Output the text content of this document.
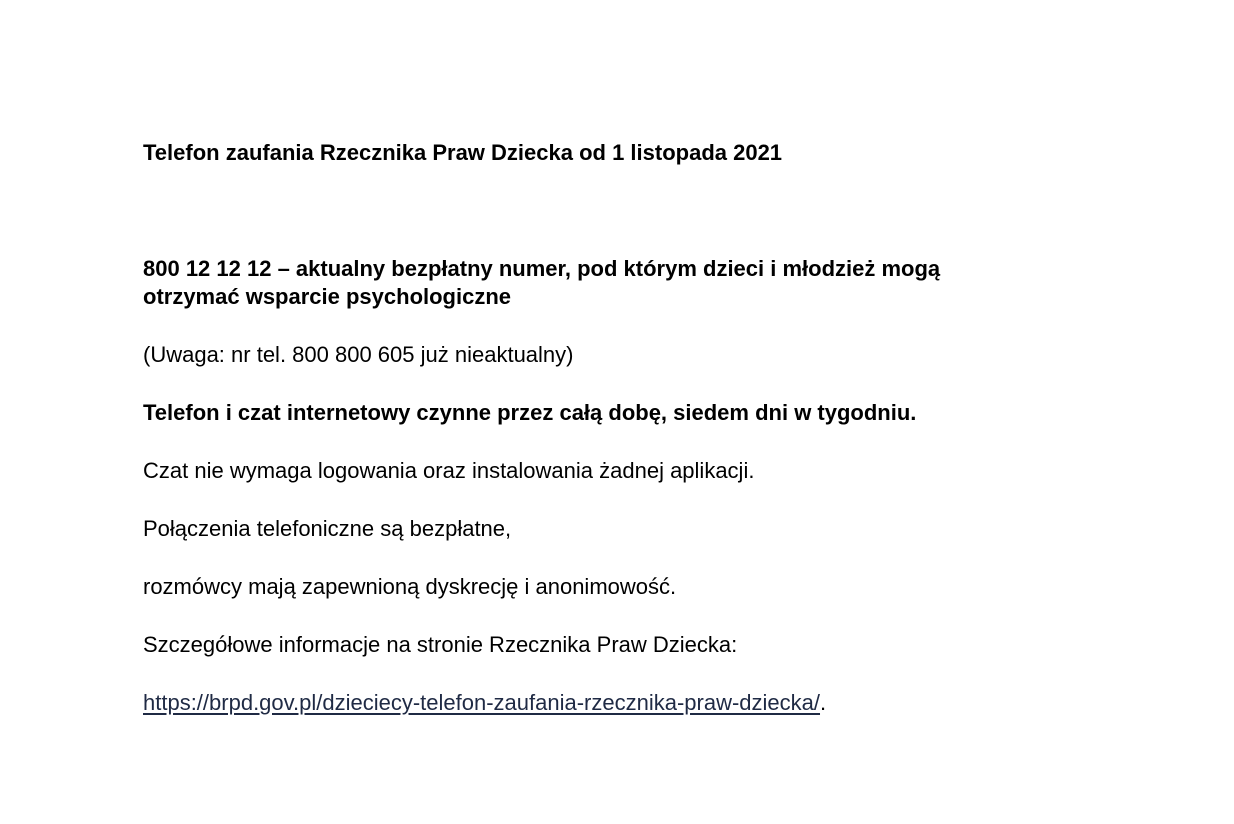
Telefon zaufania Rzecznika Praw Dziecka od 1 listopada 2021
800 12 12 12 – aktualny bezpłatny numer, pod którym dzieci i młodzież mogą
otrzymać wsparcie psychologiczne
(Uwaga: nr tel. 800 800 605 już nieaktualny)
Telefon i czat internetowy czynne przez całą dobę, siedem dni w tygodniu.
Czat nie wymaga logowania oraz instalowania żadnej aplikacji.
Połączenia telefoniczne są bezpłatne,
rozmówcy mają zapewnioną dyskrecję i anonimowość.
Szczegółowe informacje na stronie Rzecznika Praw Dziecka:
https://brpd.gov.pl/dzieciecy-telefon-zaufania-rzecznika-praw-dziecka/.
